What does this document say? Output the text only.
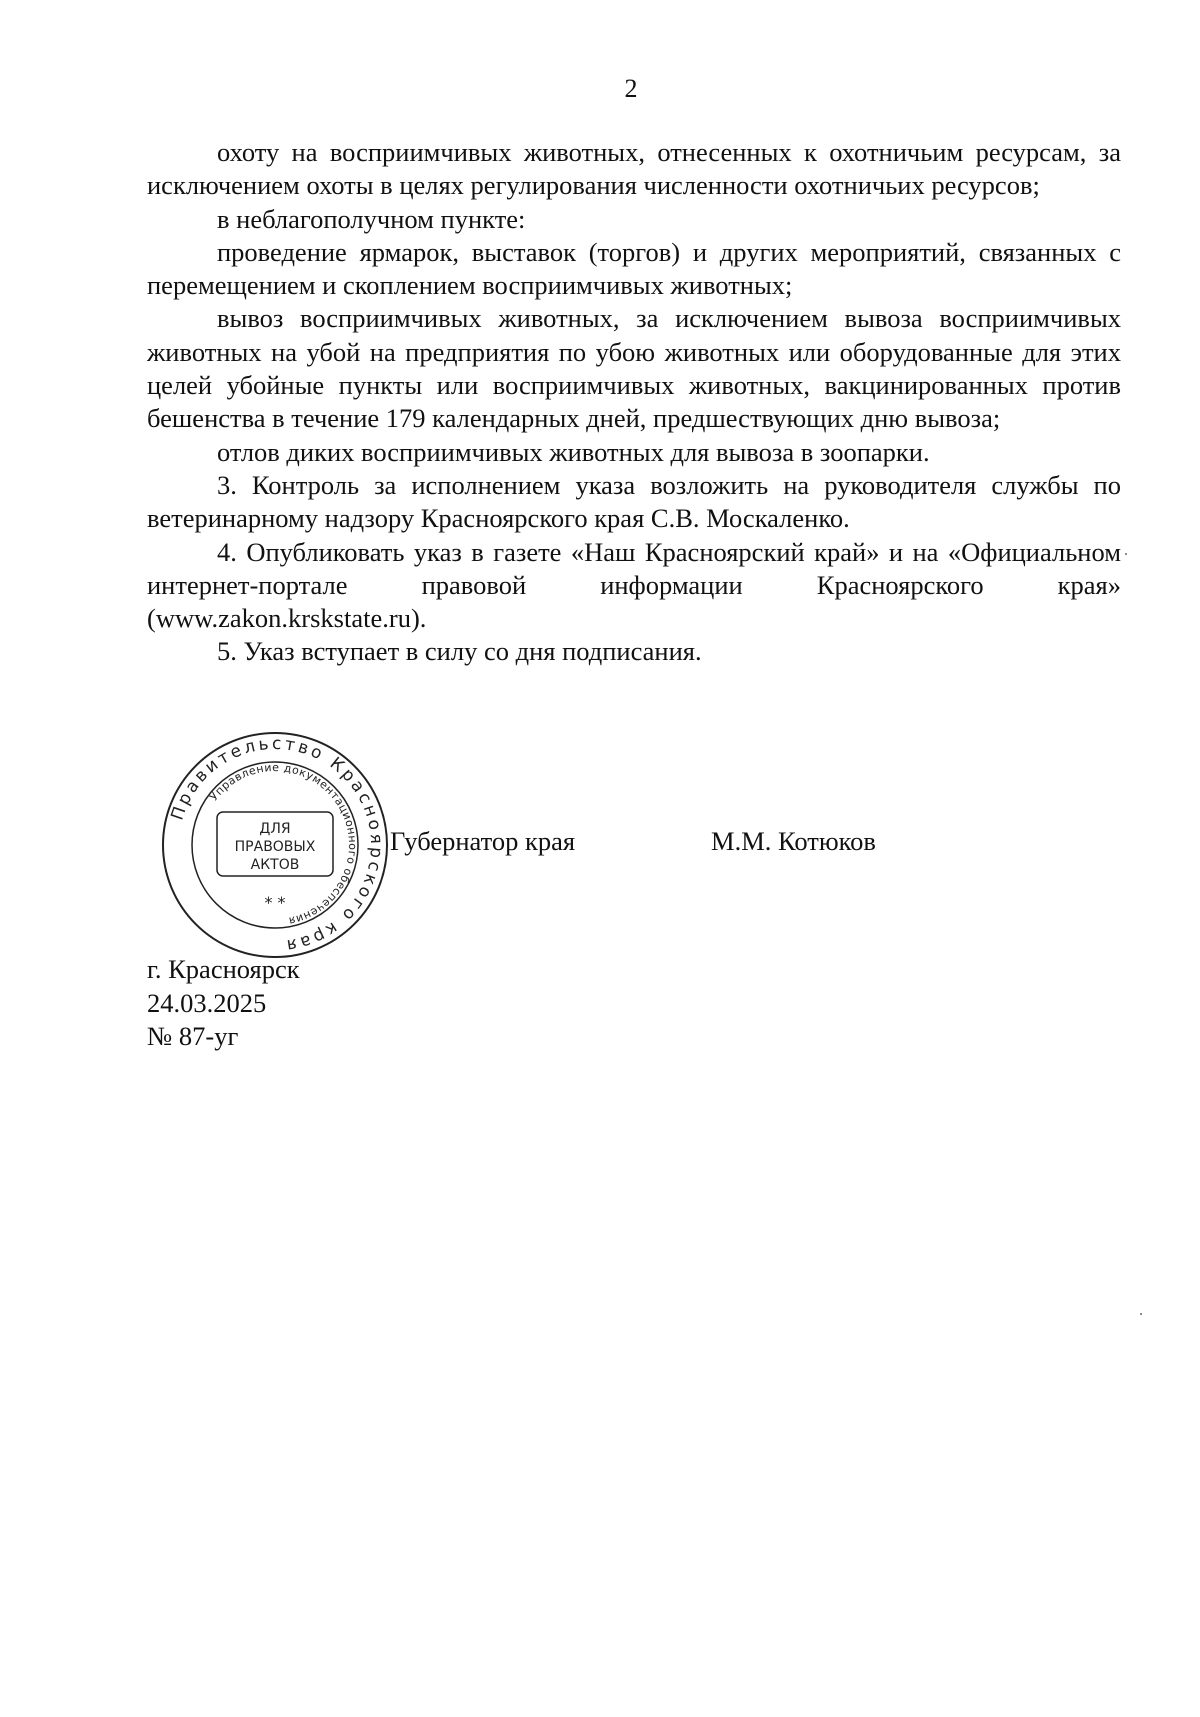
2

охоту на восприимчивых животных, отнесенных к охотничьим ресурсам, за исключением охоты в целях регулирования численности охотничьих ресурсов;

в неблагополучном пункте:

проведение ярмарок, выставок (торгов) и других мероприятий, связанных с перемещением и скоплением восприимчивых животных;

вывоз восприимчивых животных, за исключением вывоза восприимчивых животных на убой на предприятия по убою животных или оборудованные для этих целей убойные пункты или восприимчивых животных, вакцинированных против бешенства в течение 179 календарных дней, предшествующих дню вывоза;

отлов диких восприимчивых животных для вывоза в зоопарки.

3. Контроль за исполнением указа возложить на руководителя службы по ветеринарному надзору Красноярского края С.В. Москаленко.

4. Опубликовать указ в газете «Наш Красноярский край» и на «Официальном интернет-портале правовой информации Красноярского края» (www.zakon.krskstate.ru).

5. Указ вступает в силу со дня подписания.

Правительство Красноярского края
Управление документационного обеспечения
ДЛЯ
ПРАВОВЫХ
АКТОВ
* *
Губернатор края	М.М. Котюков
г. Красноярск
24.03.2025
№ 87-уг
